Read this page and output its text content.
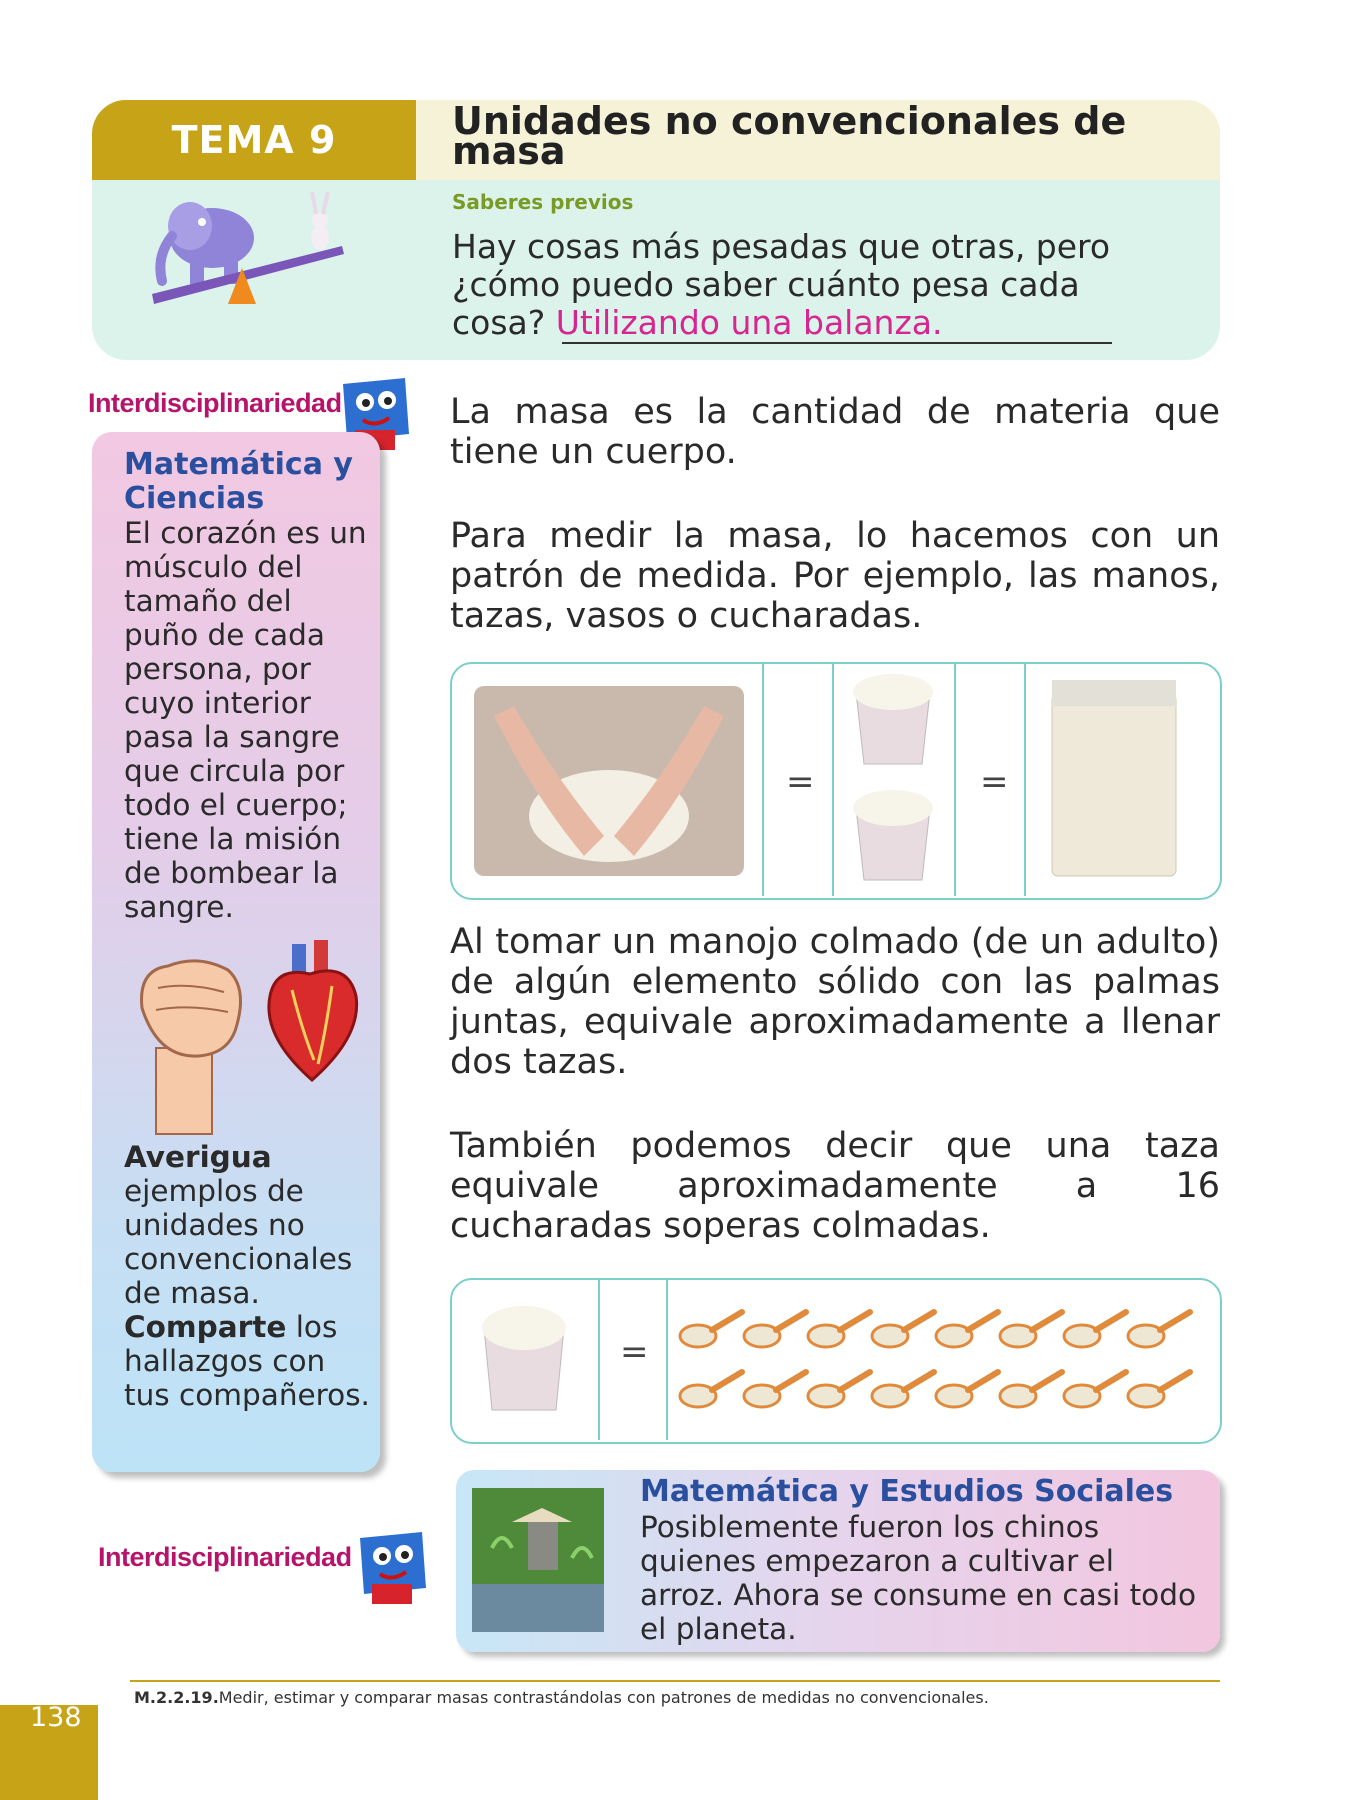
TEMA 9	Unidades no convencionales de masa
Saberes previos
Hay cosas más pesadas que otras, pero ¿cómo puedo saber cuánto pesa cada cosa? Utilizando una balanza.
Interdisciplinariedad
Matemática y Ciencias
El corazón es un músculo del tamaño del puño de cada persona, por cuyo interior pasa la sangre que circula por todo el cuerpo; tiene la misión de bombear la sangre.
Averigua ejemplos de unidades no convencionales de masa. Comparte los hallazgos con tus compañeros.
La masa es la cantidad de materia que tiene un cuerpo.
Para medir la masa, lo hacemos con un patrón de medida. Por ejemplo, las manos, tazas, vasos o cucharadas.
=	=
Al tomar un manojo colmado (de un adulto) de algún elemento sólido con las palmas juntas, equivale aproximadamente a llenar dos tazas.
También podemos decir que una taza equivale aproximadamente a 16 cucharadas soperas colmadas.
=
Interdisciplinariedad
Matemática y Estudios Sociales
Posiblemente fueron los chinos quienes empezaron a cultivar el arroz. Ahora se consume en casi todo el planeta.
M.2.2.19.Medir, estimar y comparar masas contrastándolas con patrones de medidas no convencionales.
138
